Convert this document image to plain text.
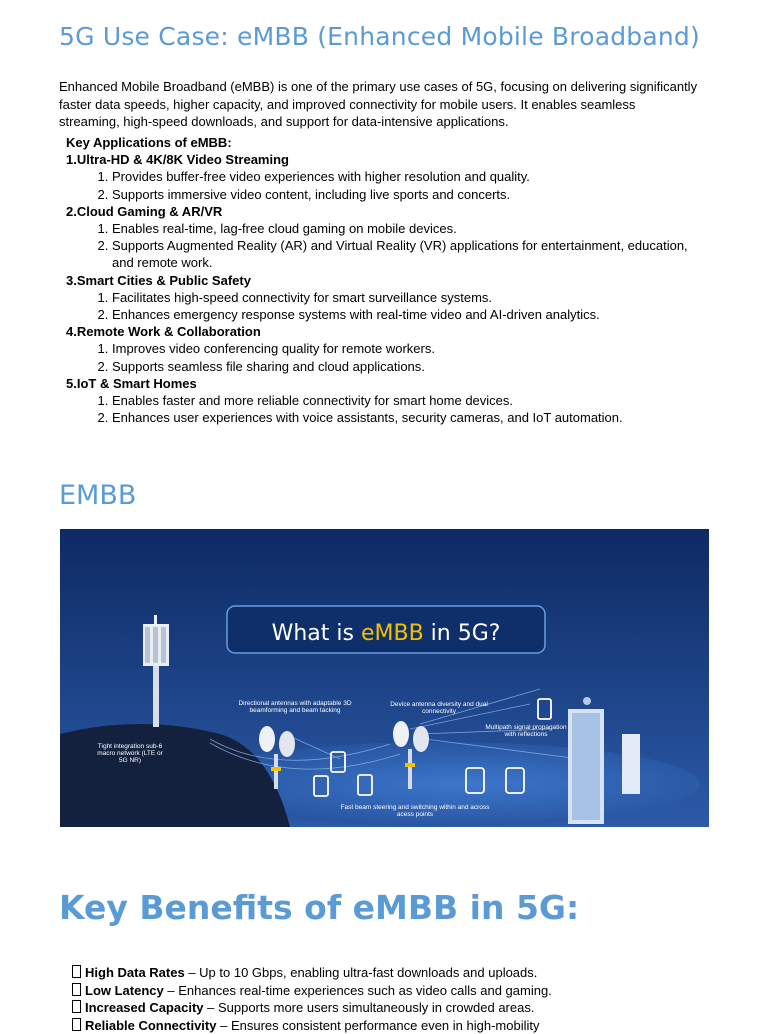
5G Use Case: eMBB (Enhanced Mobile Broadband)

Enhanced Mobile Broadband (eMBB) is one of the primary use cases of 5G, focusing on delivering significantly faster data speeds, higher capacity, and improved connectivity for mobile users. It enables seamless streaming, high-speed downloads, and support for data-intensive applications.

Key Applications of eMBB:
1.Ultra-HD & 4K/8K Video Streaming
1. Provides buffer-free video experiences with higher resolution and quality.
2. Supports immersive video content, including live sports and concerts.
2.Cloud Gaming & AR/VR
1. Enables real-time, lag-free cloud gaming on mobile devices.
2. Supports Augmented Reality (AR) and Virtual Reality (VR) applications for entertainment, education, and remote work.
3.Smart Cities & Public Safety
1. Facilitates high-speed connectivity for smart surveillance systems.
2. Enhances emergency response systems with real-time video and AI-driven analytics.
4.Remote Work & Collaboration
1. Improves video conferencing quality for remote workers.
2. Supports seamless file sharing and cloud applications.
5.IoT & Smart Homes
1. Enables faster and more reliable connectivity for smart home devices.
2. Enhances user experiences with voice assistants, security cameras, and IoT automation.
EMBB
What is eMBB in 5G?
Directional antennas with adaptable 3D beamforming and beam tacking
Device antenna diversity and dual connectivity
Multipath signal propagation with reflections
Tight integration sub-6 macro network (LTE or 5G NR)
Fast beam steering and switching within and across acess points
Key Benefits of eMBB in 5G:
High Data Rates – Up to 10 Gbps, enabling ultra-fast downloads and uploads.
Low Latency – Enhances real-time experiences such as video calls and gaming.
Increased Capacity – Supports more users simultaneously in crowded areas.
Reliable Connectivity – Ensures consistent performance even in high-mobility
